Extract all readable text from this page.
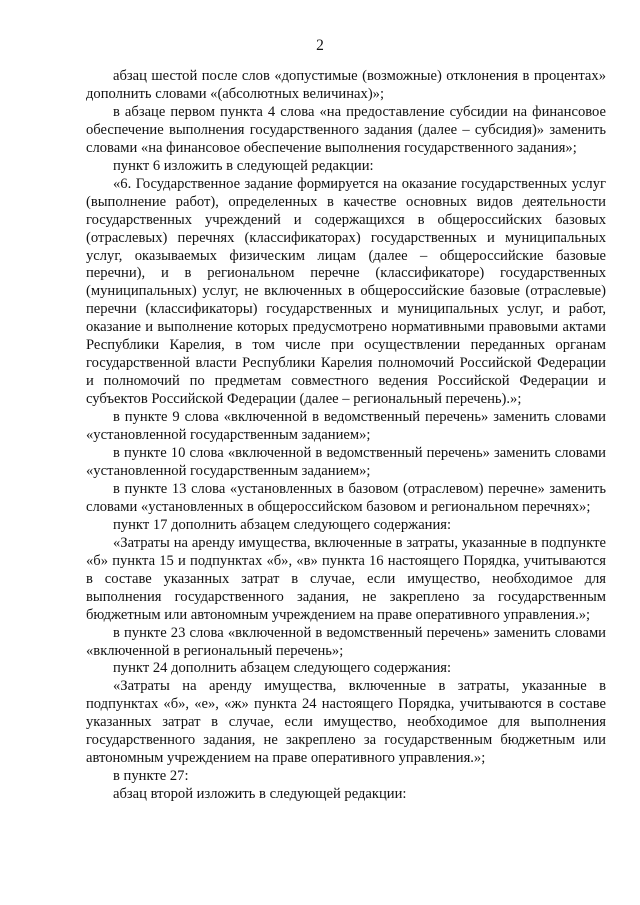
2

абзац шестой после слов «допустимые (возможные) отклонения в процентах» дополнить словами «(абсолютных величинах)»;

в абзаце первом пункта 4 слова «на предоставление субсидии на финансовое обеспечение выполнения государственного задания (далее – субсидия)» заменить словами «на финансовое обеспечение выполнения государственного задания»;

пункт 6 изложить в следующей редакции:

«6. Государственное задание формируется на оказание государственных услуг (выполнение работ), определенных в качестве основных видов деятельности государственных учреждений и содержащихся в общероссийских базовых (отраслевых) перечнях (классификаторах) государственных и муниципальных услуг, оказываемых физическим лицам (далее – общероссийские базовые перечни), и в региональном перечне (классификаторе) государственных (муниципальных) услуг, не включенных в общероссийские базовые (отраслевые) перечни (классификаторы) государственных и муниципальных услуг, и работ, оказание и выполнение которых предусмотрено нормативными правовыми актами Республики Карелия, в том числе при осуществлении переданных органам государственной власти Республики Карелия полномочий Российской Федерации и полномочий по предметам совместного ведения Российской Федерации и субъектов Российской Федерации (далее – региональный перечень).»;

в пункте 9 слова «включенной в ведомственный перечень» заменить словами «установленной государственным заданием»;

в пункте 10 слова «включенной в ведомственный перечень» заменить словами «установленной государственным заданием»;

в пункте 13 слова «установленных в базовом (отраслевом) перечне» заменить словами «установленных в общероссийском базовом и региональном перечнях»;

пункт 17 дополнить абзацем следующего содержания:

«Затраты на аренду имущества, включенные в затраты, указанные в подпункте «б» пункта 15 и подпунктах «б», «в» пункта 16 настоящего Порядка, учитываются в составе указанных затрат в случае, если имущество, необходимое для выполнения государственного задания, не закреплено за государственным бюджетным или автономным учреждением на праве оперативного управления.»;

в пункте 23 слова «включенной в ведомственный перечень» заменить словами «включенной в региональный перечень»;

пункт 24 дополнить абзацем следующего содержания:

«Затраты на аренду имущества, включенные в затраты, указанные в подпунктах «б», «е», «ж» пункта 24 настоящего Порядка, учитываются в составе указанных затрат в случае, если имущество, необходимое для выполнения государственного задания, не закреплено за государственным бюджетным или автономным учреждением на праве оперативного управления.»;

в пункте 27:

абзац второй изложить в следующей редакции:
